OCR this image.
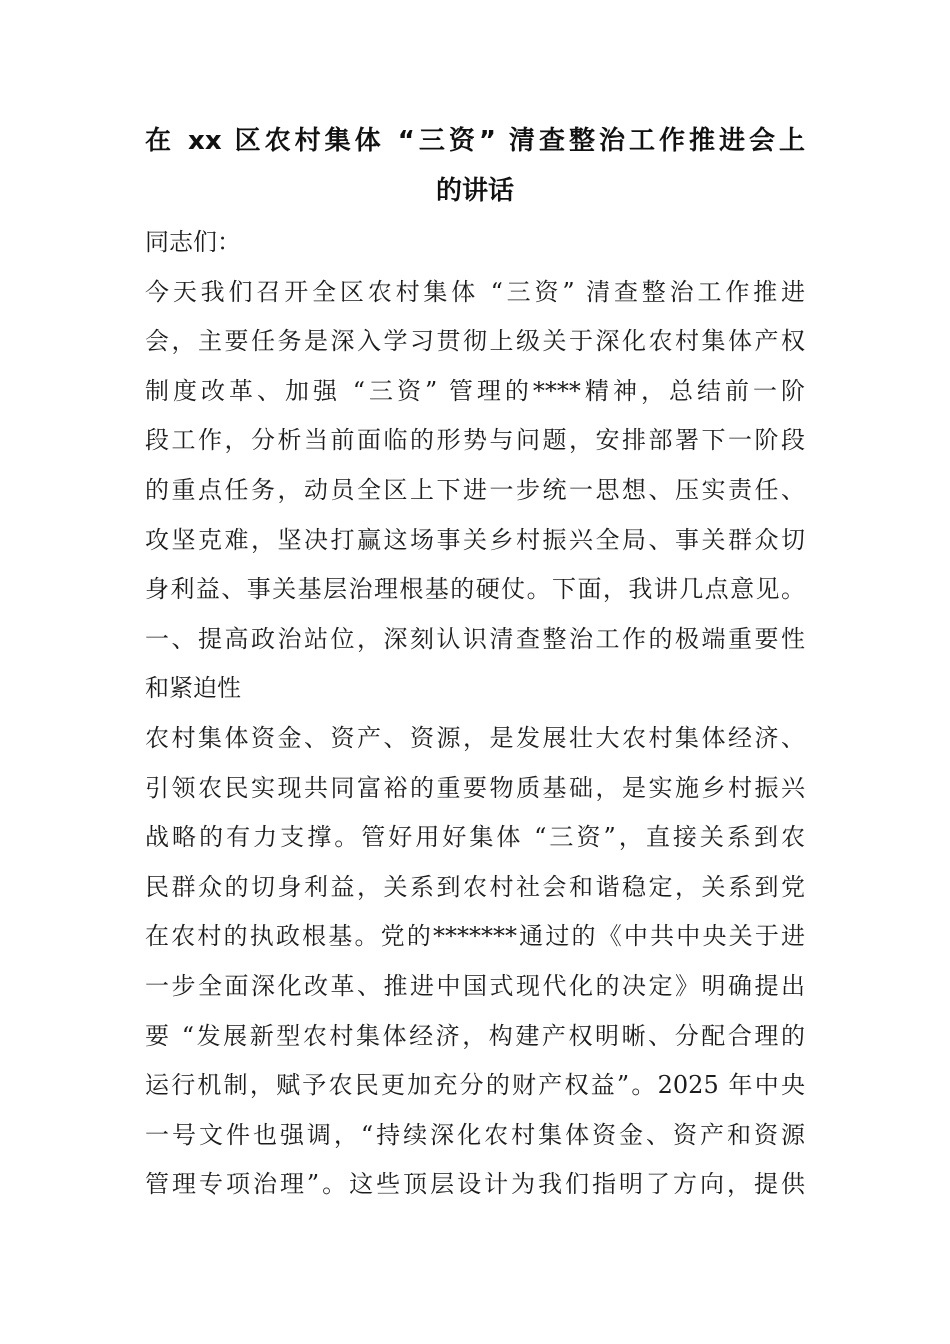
在 xx 区农村集体 “三资” 清查整治工作推进会上
的讲话
同志们：
今天我们召开全区农村集体 “三资” 清查整治工作推进
会，主要任务是深入学习贯彻上级关于深化农村集体产权
制度改革、加强 “三资” 管理的****精神，总结前一阶
段工作，分析当前面临的形势与问题，安排部署下一阶段
的重点任务，动员全区上下进一步统一思想、压实责任、
攻坚克难，坚决打赢这场事关乡村振兴全局、事关群众切
身利益、事关基层治理根基的硬仗。下面，我讲几点意见。
一、提高政治站位，深刻认识清查整治工作的极端重要性
和紧迫性
农村集体资金、资产、资源，是发展壮大农村集体经济、
引领农民实现共同富裕的重要物质基础，是实施乡村振兴
战略的有力支撑。管好用好集体 “三资”，直接关系到农
民群众的切身利益，关系到农村社会和谐稳定，关系到党
在农村的执政根基。党的*******通过的《中共中央关于进
一步全面深化改革、推进中国式现代化的决定》明确提出
要 “发展新型农村集体经济，构建产权明晰、分配合理的
运行机制，赋予农民更加充分的财产权益”。2025 年中央
一号文件也强调，“持续深化农村集体资金、资产和资源
管理专项治理”。这些顶层设计为我们指明了方向，提供
